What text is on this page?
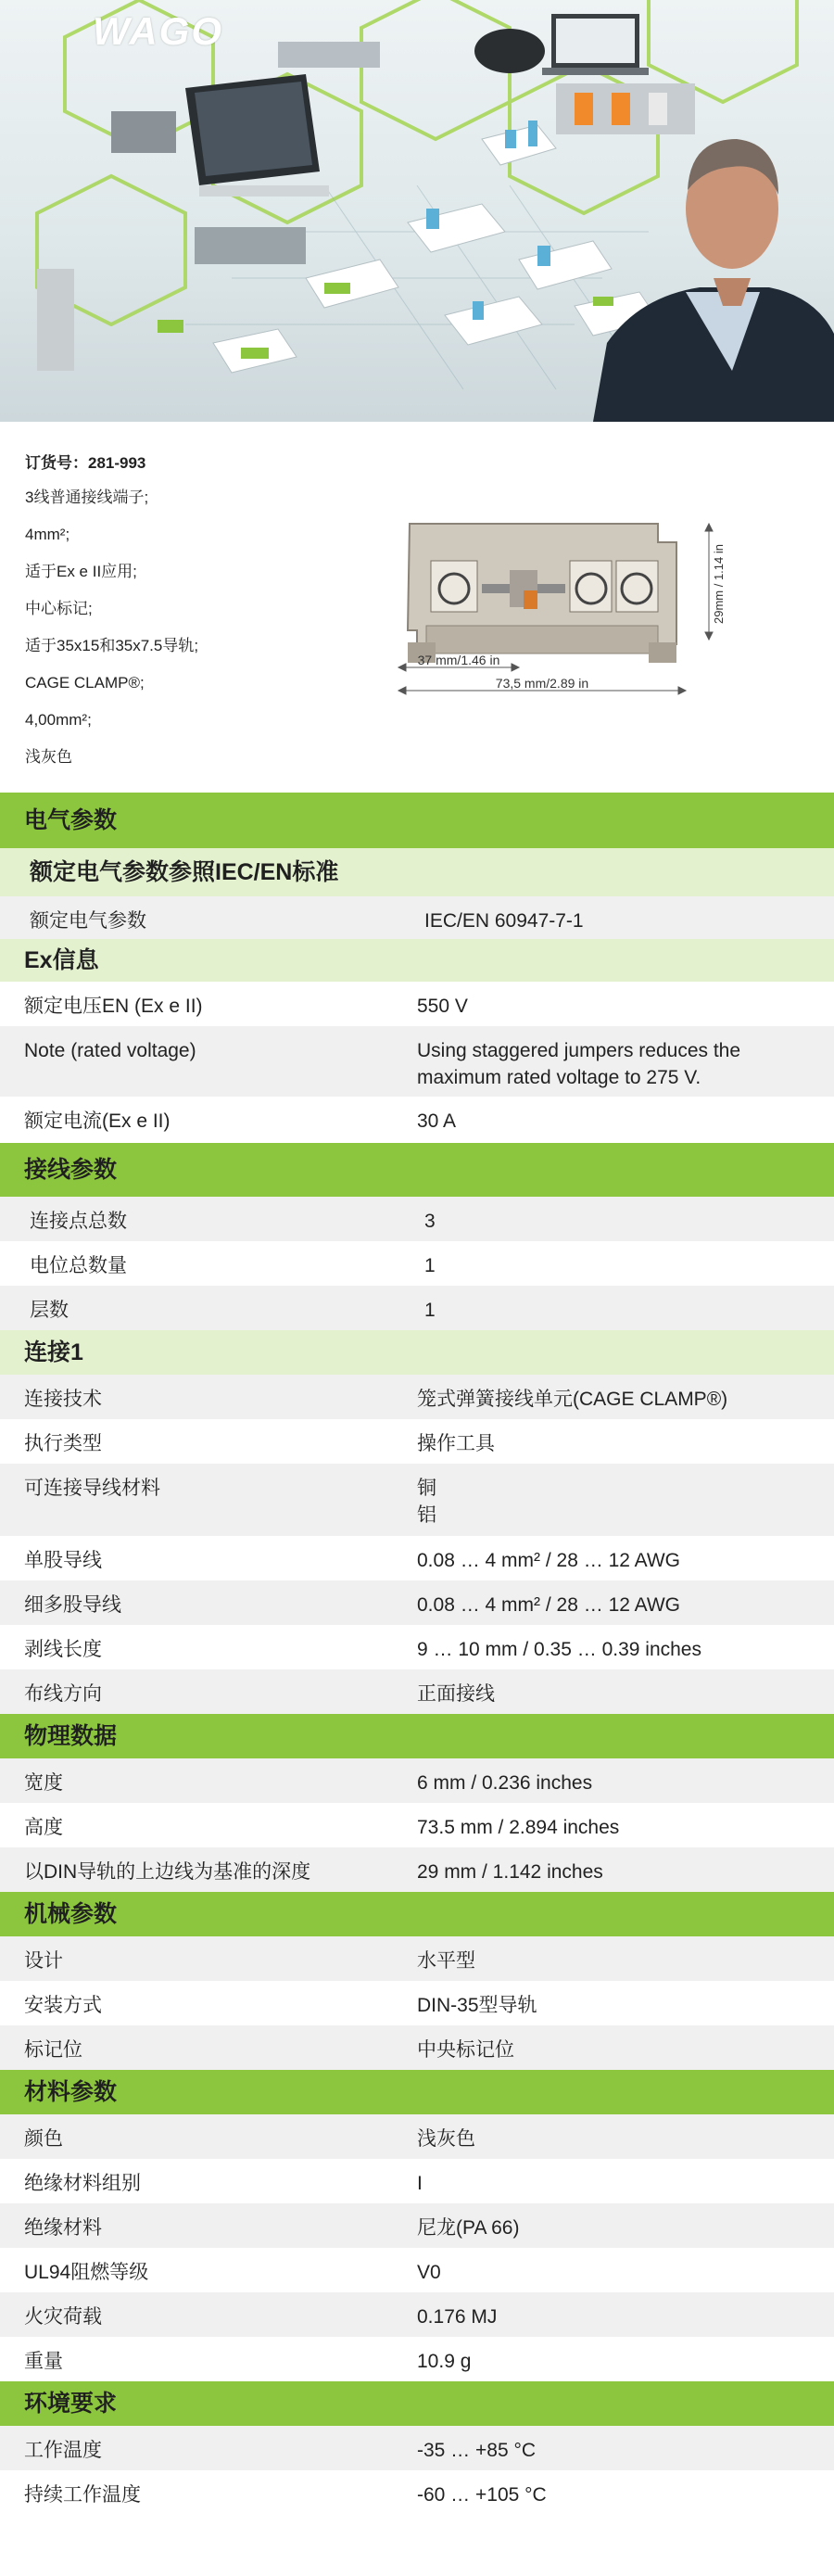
WAGO
订货号：281-993
3线普通接线端子;
4mm²;
适于Ex e II应用;
中心标记;
适于35x15和35x7.5导轨;
CAGE CLAMP®;
4,00mm²;
浅灰色
29mm / 1.14 in
37 mm/1.46 in
73,5 mm/2.89 in
电气参数
额定电气参数参照IEC/EN标准
额定电气参数	IEC/EN 60947-7-1
Ex信息
额定电压EN (Ex e II)	550 V
Note (rated voltage)	Using staggered jumpers reduces the maximum rated voltage to 275 V.
额定电流(Ex e II)	30 A
接线参数
连接点总数	3
电位总数量	1
层数	1
连接1
连接技术	笼式弹簧接线单元(CAGE CLAMP®)
执行类型	操作工具
可连接导线材料	铜
铝
单股导线	0.08 … 4 mm² / 28 … 12 AWG
细多股导线	0.08 … 4 mm² / 28 … 12 AWG
剥线长度	9 … 10 mm / 0.35 … 0.39 inches
布线方向	正面接线
物理数据
宽度	6 mm / 0.236 inches
高度	73.5 mm / 2.894 inches
以DIN导轨的上边线为基准的深度	29 mm / 1.142 inches
机械参数
设计	水平型
安装方式	DIN-35型导轨
标记位	中央标记位
材料参数
颜色	浅灰色
绝缘材料组别	I
绝缘材料	尼龙(PA 66)
UL94阻燃等级	V0
火灾荷载	0.176 MJ
重量	10.9 g
环境要求
工作温度	-35 … +85 °C
持续工作温度	-60 … +105 °C
